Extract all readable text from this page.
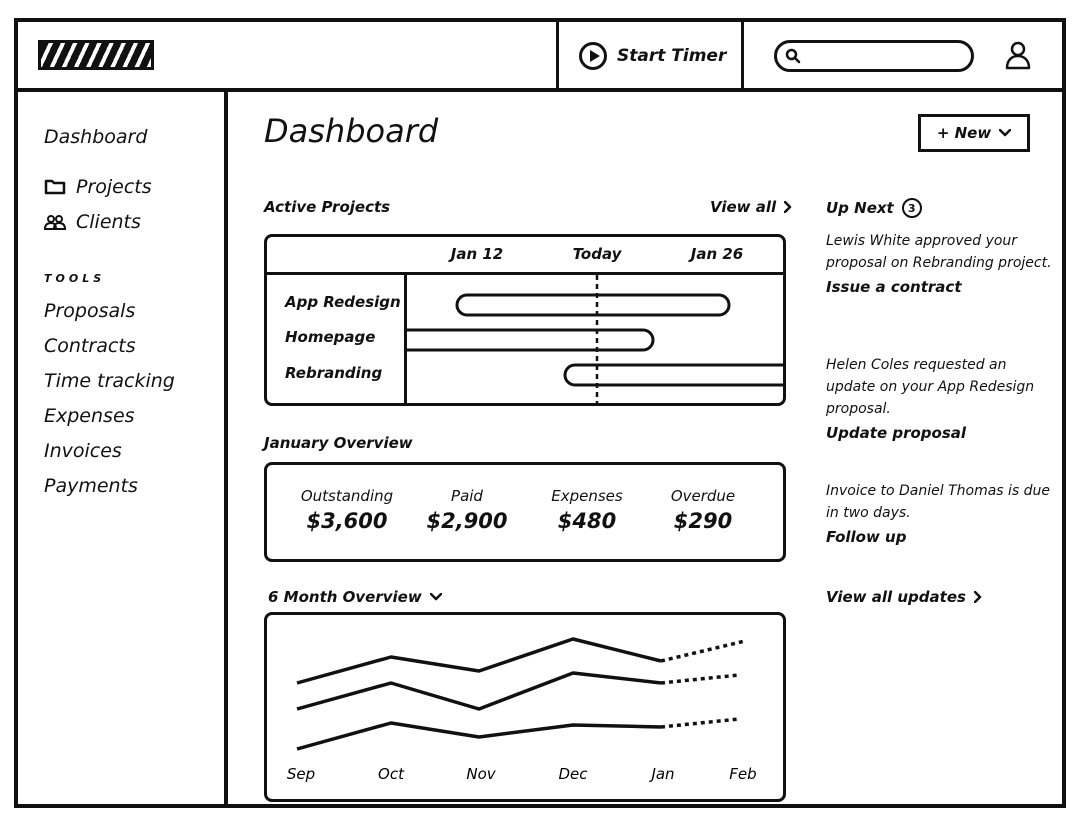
Start Timer
Dashboard
Projects
Clients
TOOLS
Proposals
Contracts
Time tracking
Expenses
Invoices
Payments
Dashboard	+ New
Active Projects	View all
Jan 12	Today	Jan 26
App Redesign
Homepage
Rebranding
January Overview
Outstanding
$3,600
Paid
$2,900
Expenses
$480
Overdue
$290
6 Month Overview
Sep	Oct	Nov	Dec	Jan	Feb
Up Next	3
Lewis White approved your proposal on Rebranding project.
Issue a contract
Helen Coles requested an update on your App Redesign proposal.
Update proposal
Invoice to Daniel Thomas is due in two days.
Follow up
View all updates
